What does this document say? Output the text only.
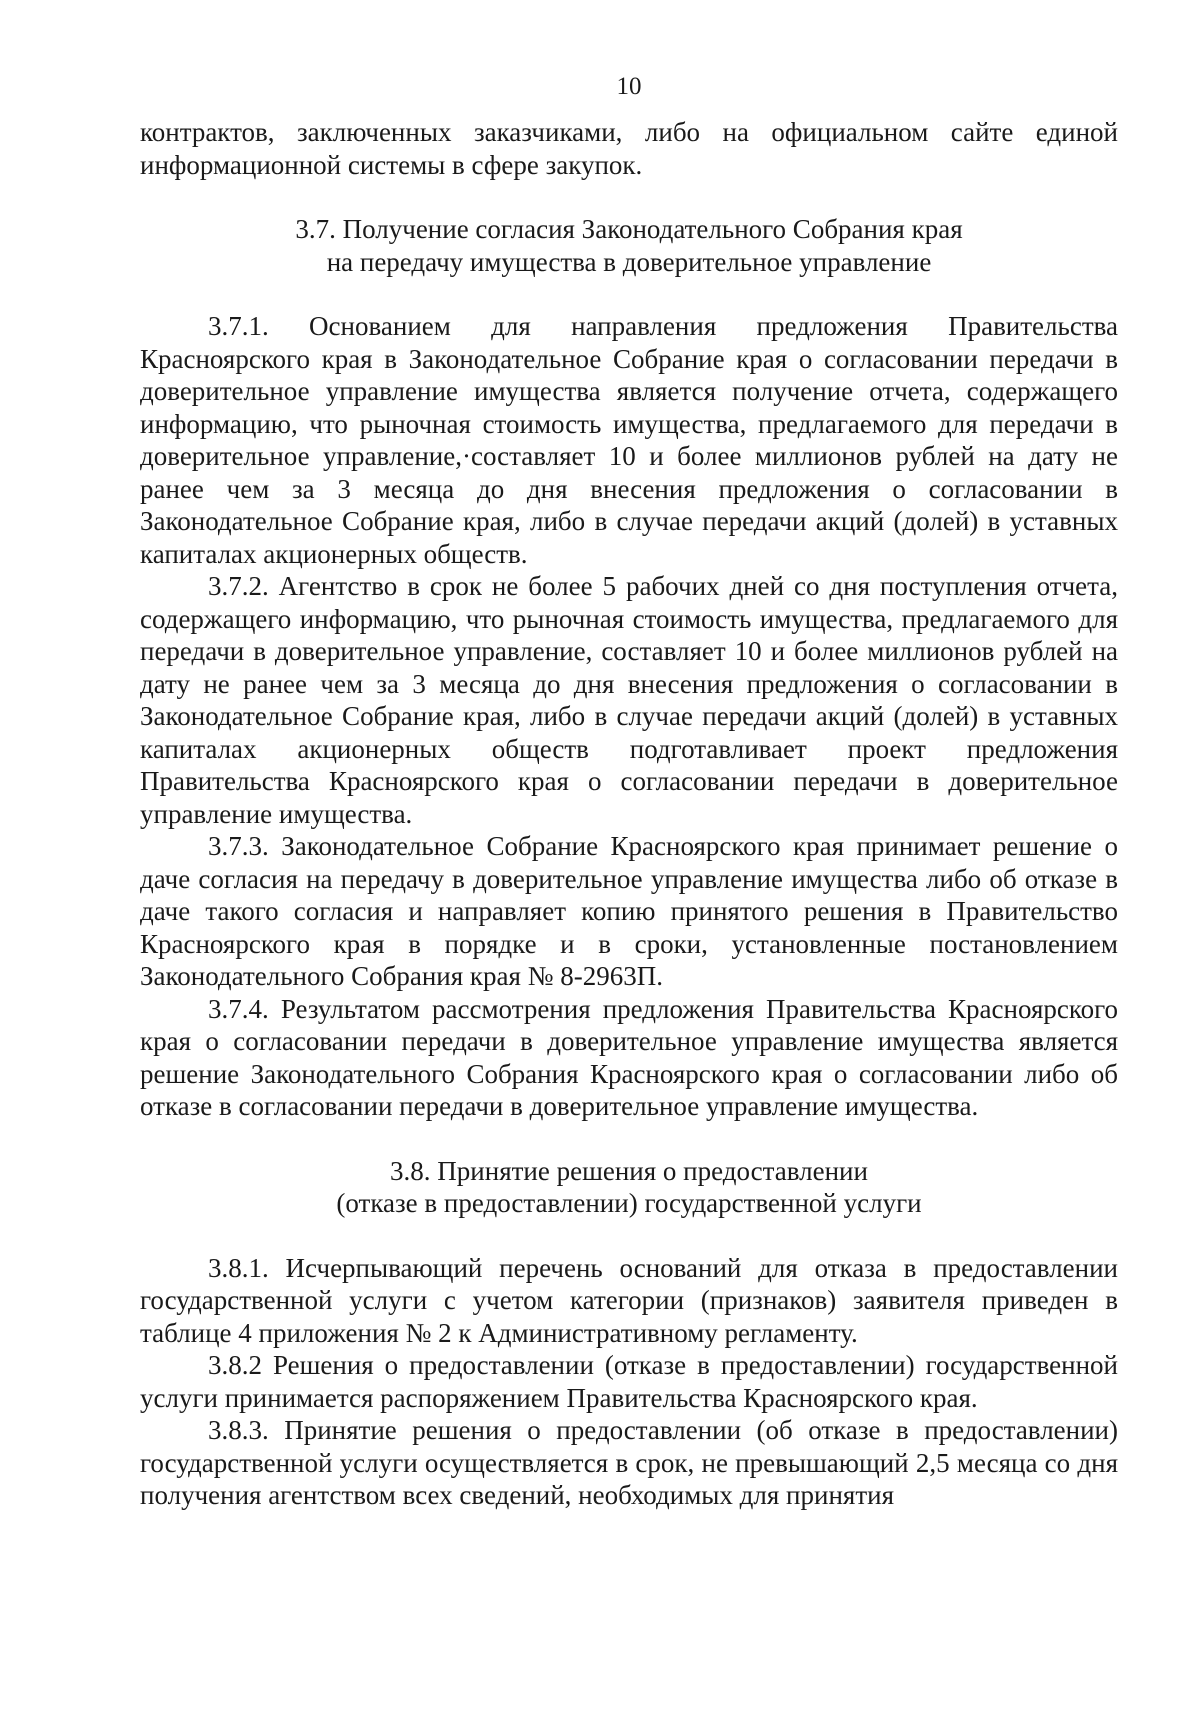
10

контрактов, заключенных заказчиками, либо на официальном сайте единой информационной системы в сфере закупок.

3.7. Получение согласия Законодательного Собрания края
на передачу имущества в доверительное управление

3.7.1. Основанием для направления предложения Правительства Красноярского края в Законодательное Собрание края о согласовании передачи в доверительное управление имущества является получение отчета, содержащего информацию, что рыночная стоимость имущества, предлагаемого для передачи в доверительное управление,·составляет 10 и более миллионов рублей на дату не ранее чем за 3 месяца до дня внесения предложения о согласовании в Законодательное Собрание края, либо в случае передачи акций (долей) в уставных капиталах акционерных обществ.

3.7.2. Агентство в срок не более 5 рабочих дней со дня поступления отчета, содержащего информацию, что рыночная стоимость имущества, предлагаемого для передачи в доверительное управление, составляет 10 и более миллионов рублей на дату не ранее чем за 3 месяца до дня внесения предложения о согласовании в Законодательное Собрание края, либо в случае передачи акций (долей) в уставных капиталах акционерных обществ подготавливает проект предложения Правительства Красноярского края о согласовании передачи в доверительное управление имущества.

3.7.3. Законодательное Собрание Красноярского края принимает решение о даче согласия на передачу в доверительное управление имущества либо об отказе в даче такого согласия и направляет копию принятого решения в Правительство Красноярского края в порядке и в сроки, установленные постановлением Законодательного Собрания края № 8-2963П.

3.7.4. Результатом рассмотрения предложения Правительства Красноярского края о согласовании передачи в доверительное управление имущества является решение Законодательного Собрания Красноярского края о согласовании либо об отказе в согласовании передачи в доверительное управление имущества.

3.8. Принятие решения о предоставлении
(отказе в предоставлении) государственной услуги

3.8.1. Исчерпывающий перечень оснований для отказа в предоставлении государственной услуги с учетом категории (признаков) заявителя приведен в таблице 4 приложения № 2 к Административному регламенту.

3.8.2 Решения о предоставлении (отказе в предоставлении) государственной услуги принимается распоряжением Правительства Красноярского края.

3.8.3. Принятие решения о предоставлении (об отказе в предоставлении) государственной услуги осуществляется в срок, не превышающий 2,5 месяца со дня получения агентством всех сведений, необходимых для принятия
